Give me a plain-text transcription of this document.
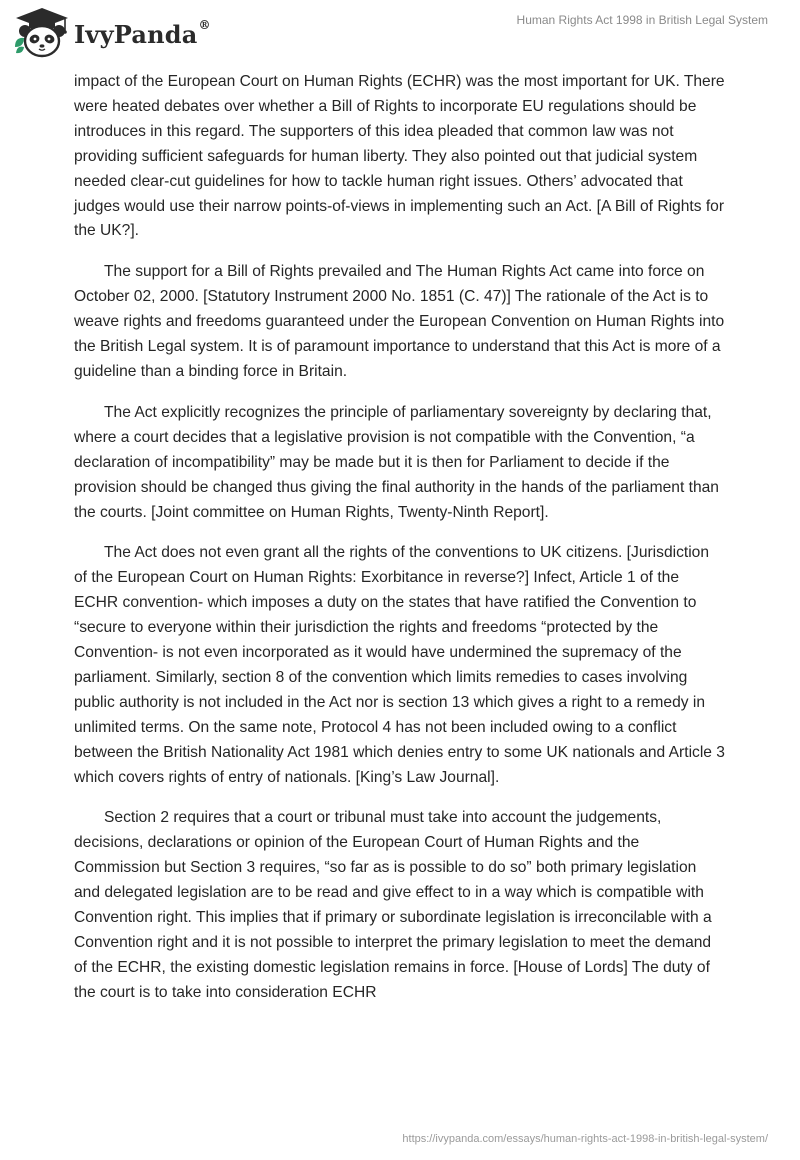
IvyPanda®	Human Rights Act 1998 in British Legal System

impact of the European Court on Human Rights (ECHR) was the most important for UK. There were heated debates over whether a Bill of Rights to incorporate EU regulations should be introduces in this regard. The supporters of this idea pleaded that common law was not providing sufficient safeguards for human liberty. They also pointed out that judicial system needed clear-cut guidelines for how to tackle human right issues. Others’ advocated that judges would use their narrow points-of-views in implementing such an Act. [A Bill of Rights for the UK?].

The support for a Bill of Rights prevailed and The Human Rights Act came into force on October 02, 2000. [Statutory Instrument 2000 No. 1851 (C. 47)] The rationale of the Act is to weave rights and freedoms guaranteed under the European Convention on Human Rights into the British Legal system. It is of paramount importance to understand that this Act is more of a guideline than a binding force in Britain.

The Act explicitly recognizes the principle of parliamentary sovereignty by declaring that, where a court decides that a legislative provision is not compatible with the Convention, “a declaration of incompatibility” may be made but it is then for Parliament to decide if the provision should be changed thus giving the final authority in the hands of the parliament than the courts. [Joint committee on Human Rights, Twenty-Ninth Report].

The Act does not even grant all the rights of the conventions to UK citizens. [Jurisdiction of the European Court on Human Rights: Exorbitance in reverse?] Infect, Article 1 of the ECHR convention- which imposes a duty on the states that have ratified the Convention to “secure to everyone within their jurisdiction the rights and freedoms “protected by the Convention- is not even incorporated as it would have undermined the supremacy of the parliament. Similarly, section 8 of the convention which limits remedies to cases involving public authority is not included in the Act nor is section 13 which gives a right to a remedy in unlimited terms. On the same note, Protocol 4 has not been included owing to a conflict between the British Nationality Act 1981 which denies entry to some UK nationals and Article 3 which covers rights of entry of nationals. [King’s Law Journal].

Section 2 requires that a court or tribunal must take into account the judgements, decisions, declarations or opinion of the European Court of Human Rights and the Commission but Section 3 requires, “so far as is possible to do so” both primary legislation and delegated legislation are to be read and give effect to in a way which is compatible with Convention right. This implies that if primary or subordinate legislation is irreconcilable with a Convention right and it is not possible to interpret the primary legislation to meet the demand of the ECHR, the existing domestic legislation remains in force. [House of Lords] The duty of the court is to take into consideration ECHR

https://ivypanda.com/essays/human-rights-act-1998-in-british-legal-system/
